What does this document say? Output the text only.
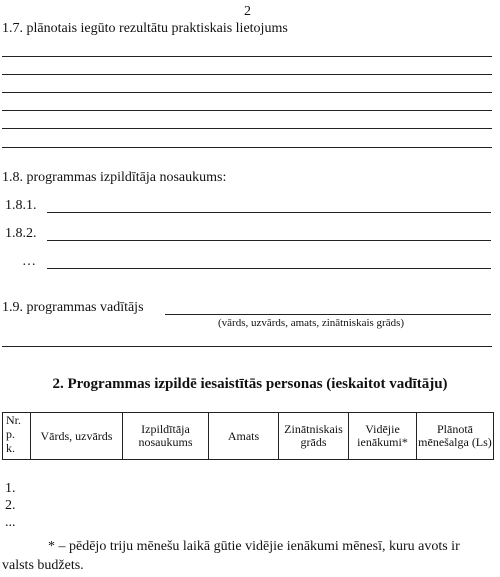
2
1.7. plānotais iegūto rezultātu praktiskais lietojums
1.8. programmas izpildītāja nosaukums:
1.8.1.
1.8.2.
…
1.9. programmas vadītājs
(vārds, uzvārds, amats, zinātniskais grāds)
2. Programmas izpildē iesaistītās personas (ieskaitot vadītāju)
Nr.
p.
k.	Vārds, uzvārds	Izpildītāja nosaukums	Amats	Zinātniskais grāds	Vidējie ienākumi*	Plānotā mēnešalga (Ls)
1.
2.
...
* – pēdējo triju mēnešu laikā gūtie vidējie ienākumi mēnesī, kuru avots ir valsts budžets.
